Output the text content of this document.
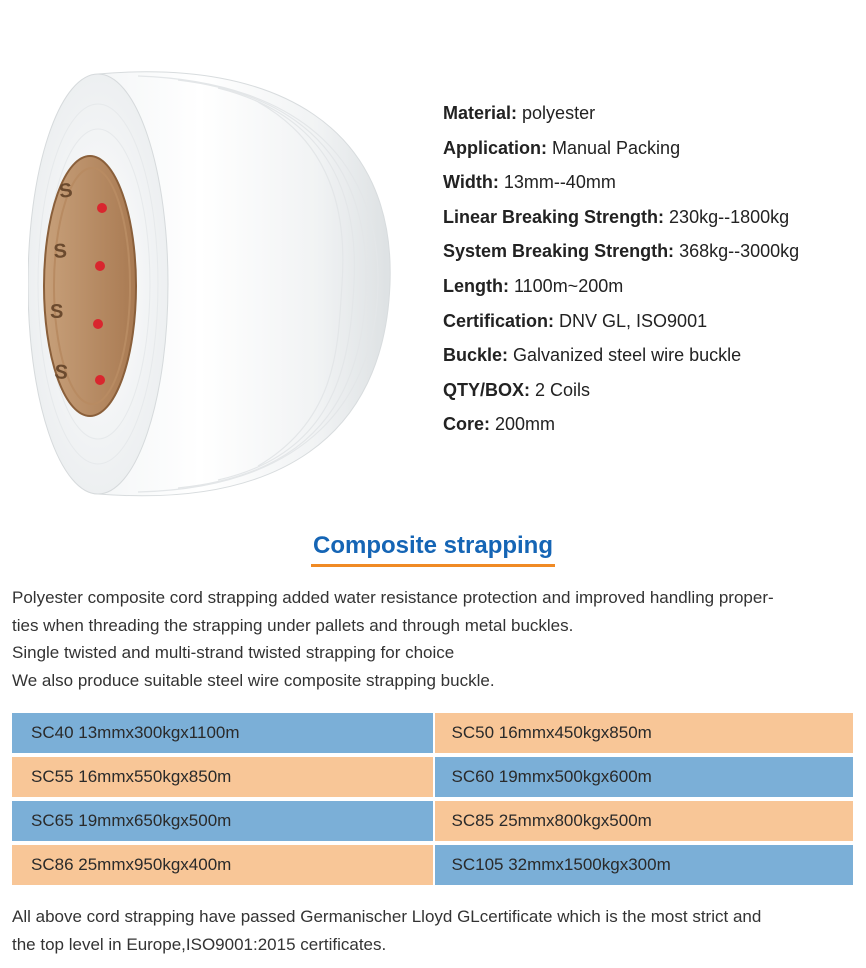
S
S
S
S
Material: polyester
Application: Manual Packing
Width: 13mm--40mm
Linear Breaking Strength: 230kg--1800kg
System Breaking Strength: 368kg--3000kg
Length: 1100m~200m
Certification: DNV GL, ISO9001
Buckle: Galvanized steel wire buckle
QTY/BOX: 2 Coils
Core: 200mm
Composite strapping

Polyester composite cord strapping added water resistance protection and improved handling proper-

ties when threading the strapping under pallets and through metal buckles.

Single twisted and multi-strand twisted strapping for choice

We also produce suitable steel wire composite strapping buckle.

SC40 13mmx300kgx1100m	SC50 16mmx450kgx850m
SC55 16mmx550kgx850m	SC60 19mmx500kgx600m
SC65 19mmx650kgx500m	SC85 25mmx800kgx500m
SC86 25mmx950kgx400m	SC105 32mmx1500kgx300m

All above cord strapping have passed Germanischer Lloyd GLcertificate which is the most strict and

the top level in Europe,ISO9001:2015 certificates.
